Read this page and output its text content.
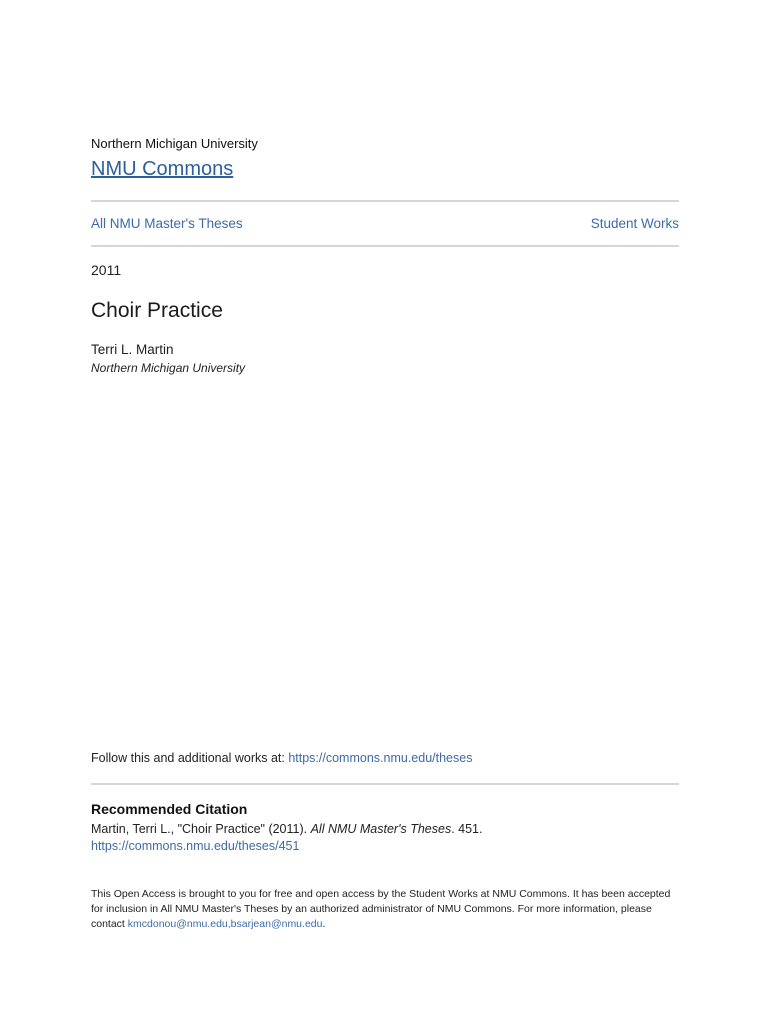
Northern Michigan University
NMU Commons
All NMU Master's Theses	Student Works
2011
Choir Practice
Terri L. Martin
Northern Michigan University
Follow this and additional works at: https://commons.nmu.edu/theses
Recommended Citation
Martin, Terri L., "Choir Practice" (2011). All NMU Master's Theses. 451.
https://commons.nmu.edu/theses/451
This Open Access is brought to you for free and open access by the Student Works at NMU Commons. It has been accepted for inclusion in All NMU Master's Theses by an authorized administrator of NMU Commons. For more information, please contact kmcdonou@nmu.edu,bsarjean@nmu.edu.
